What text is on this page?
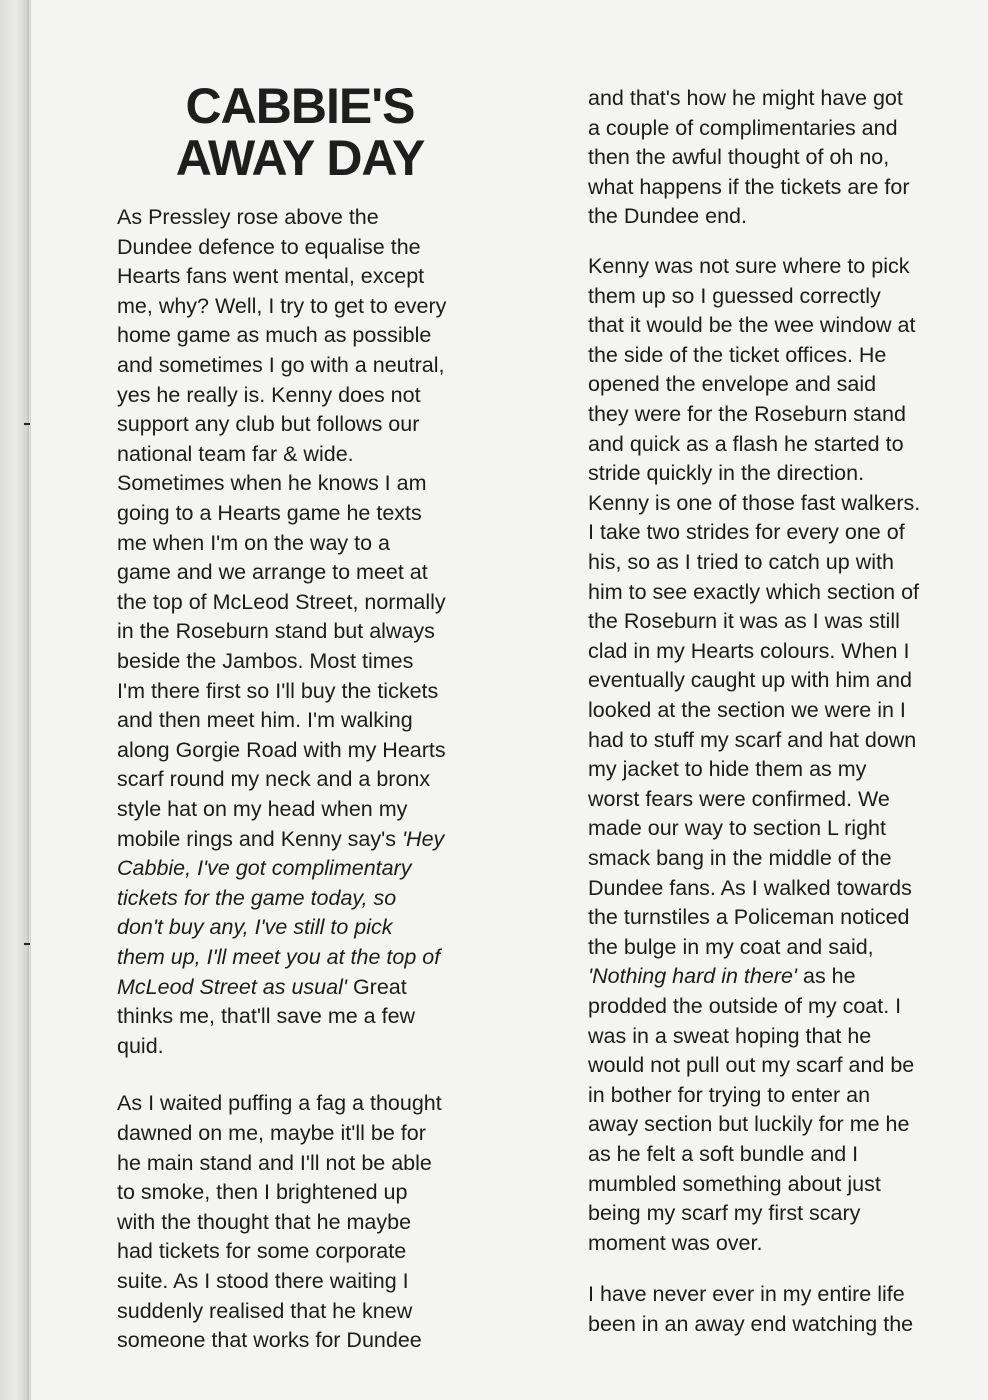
CABBIE'S
AWAY DAY
As Pressley rose above the
Dundee defence to equalise the
Hearts fans went mental, except
me, why? Well, I try to get to every
home game as much as possible
and sometimes I go with a neutral,
yes he really is. Kenny does not
support any club but follows our
national team far & wide.
Sometimes when he knows I am
going to a Hearts game he texts
me when I'm on the way to a
game and we arrange to meet at
the top of McLeod Street, normally
in the Roseburn stand but always
beside the Jambos. Most times
I'm there first so I'll buy the tickets
and then meet him. I'm walking
along Gorgie Road with my Hearts
scarf round my neck and a bronx
style hat on my head when my
mobile rings and Kenny say's 'Hey
Cabbie, I've got complimentary
tickets for the game today, so
don't buy any, I've still to pick
them up, I'll meet you at the top of
McLeod Street as usual' Great
thinks me, that'll save me a few
quid.
As I waited puffing a fag a thought
dawned on me, maybe it'll be for
he main stand and I'll not be able
to smoke, then I brightened up
with the thought that he maybe
had tickets for some corporate
suite. As I stood there waiting I
suddenly realised that he knew
someone that works for Dundee
and that's how he might have got
a couple of complimentaries and
then the awful thought of oh no,
what happens if the tickets are for
the Dundee end.
Kenny was not sure where to pick
them up so I guessed correctly
that it would be the wee window at
the side of the ticket offices. He
opened the envelope and said
they were for the Roseburn stand
and quick as a flash he started to
stride quickly in the direction.
Kenny is one of those fast walkers.
I take two strides for every one of
his, so as I tried to catch up with
him to see exactly which section of
the Roseburn it was as I was still
clad in my Hearts colours. When I
eventually caught up with him and
looked at the section we were in I
had to stuff my scarf and hat down
my jacket to hide them as my
worst fears were confirmed. We
made our way to section L right
smack bang in the middle of the
Dundee fans. As I walked towards
the turnstiles a Policeman noticed
the bulge in my coat and said,
'Nothing hard in there' as he
prodded the outside of my coat. I
was in a sweat hoping that he
would not pull out my scarf and be
in bother for trying to enter an
away section but luckily for me he
as he felt a soft bundle and I
mumbled something about just
being my scarf my first scary
moment was over.
I have never ever in my entire life
been in an away end watching the
